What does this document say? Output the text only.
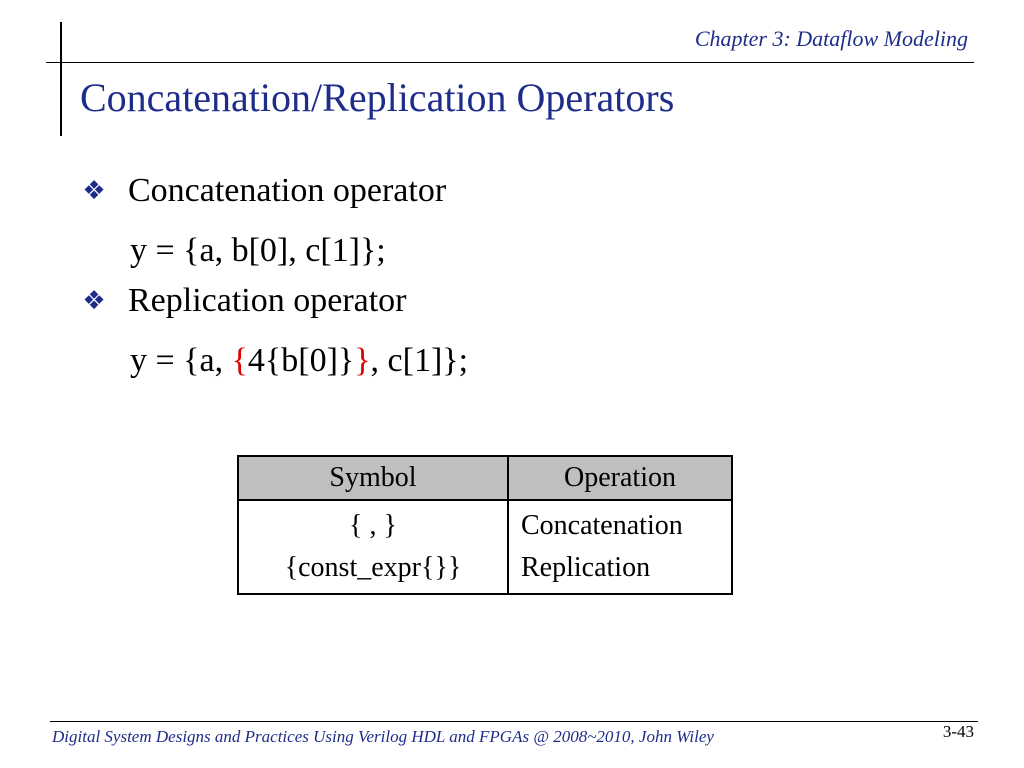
Chapter 3: Dataflow Modeling
Concatenation/Replication Operators
❖ Concatenation operator
y = {a, b[0], c[1]};
❖ Replication operator
y = {a, {4{b[0]}}, c[1]};
Symbol	Operation
{ , }	Concatenation
{const_expr{}}	Replication
Digital System Designs and Practices Using Verilog HDL and FPGAs @ 2008~2010, John Wiley	3-43
